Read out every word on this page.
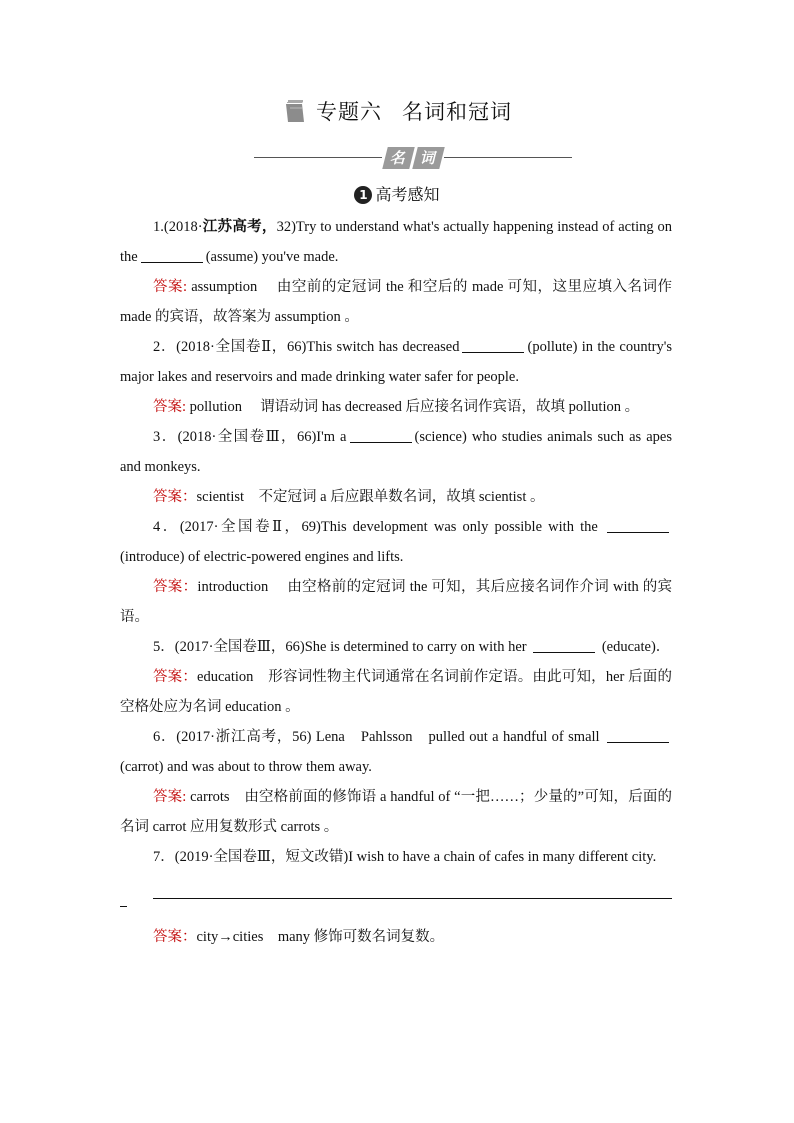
专题六 名词和冠词
名 词
1 高考感知
1.(2018·江苏高考，32)Try to understand what's actually happening instead of acting on the	(assume) you've made.
答案: assumption　 由空前的定冠词 the 和空后的 made 可知，这里应填入名词作 made 的宾语，故答案为 assumption 。
2．(2018·全国卷Ⅱ，66)This switch has decreased	(pollute) in the country's major lakes and reservoirs and made drinking water safer for people.
答案: pollution　 谓语动词 has decreased 后应接名词作宾语，故填 pollution 。
3．(2018·全国卷Ⅲ，66)I'm a	(science) who studies animals such as apes and monkeys.
答案：scientist　不定冠词 a 后应跟单数名词，故填 scientist 。
4．(2017·全国卷Ⅱ，69)This development was only possible with the (introduce) of electric-powered engines and lifts.
答案：introduction　 由空格前的定冠词 the 可知，其后应接名词作介词 with 的宾语。
5．(2017·全国卷Ⅲ，66)She is determined to carry on with her	(educate)．
答案：education　形容词性物主代词通常在名词前作定语。由此可知，her 后面的空格处应为名词 education 。
6．(2017·浙江高考，56) Lena　Pahlsson　pulled out a handful of small  (carrot) and was about to throw them away.
答案: carrots　由空格前面的修饰语 a handful of “一把……；少量的”可知，后面的名词 carrot 应用复数形式 carrots 。
7．(2019·全国卷Ⅲ，短文改错)I wish to have a chain of cafes in many different city.
答案：city→cities　many 修饰可数名词复数。
